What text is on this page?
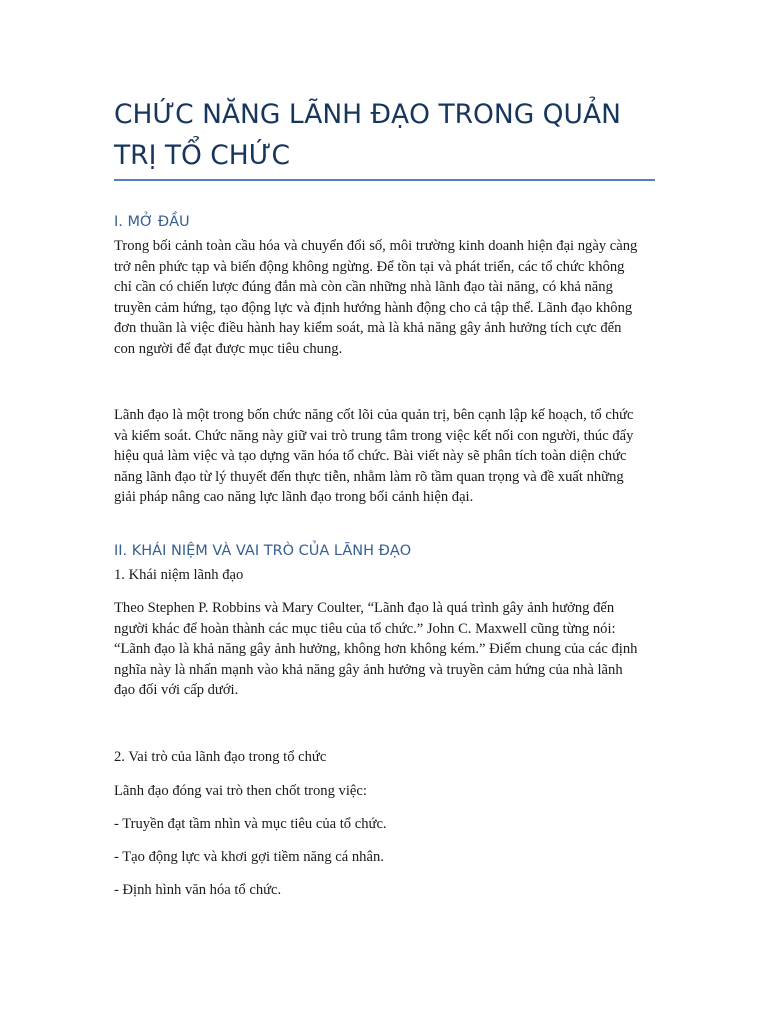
CHỨC NĂNG LÃNH ĐẠO TRONG QUẢN
TRỊ TỔ CHỨC
I. MỞ ĐẦU

Trong bối cảnh toàn cầu hóa và chuyển đổi số, môi trường kinh doanh hiện đại ngày càng
trở nên phức tạp và biến động không ngừng. Để tồn tại và phát triển, các tổ chức không
chỉ cần có chiến lược đúng đắn mà còn cần những nhà lãnh đạo tài năng, có khả năng
truyền cảm hứng, tạo động lực và định hướng hành động cho cả tập thể. Lãnh đạo không
đơn thuần là việc điều hành hay kiểm soát, mà là khả năng gây ảnh hưởng tích cực đến
con người để đạt được mục tiêu chung.

Lãnh đạo là một trong bốn chức năng cốt lõi của quản trị, bên cạnh lập kế hoạch, tổ chức
và kiểm soát. Chức năng này giữ vai trò trung tâm trong việc kết nối con người, thúc đẩy
hiệu quả làm việc và tạo dựng văn hóa tổ chức. Bài viết này sẽ phân tích toàn diện chức
năng lãnh đạo từ lý thuyết đến thực tiễn, nhằm làm rõ tầm quan trọng và đề xuất những
giải pháp nâng cao năng lực lãnh đạo trong bối cảnh hiện đại.

II. KHÁI NIỆM VÀ VAI TRÒ CỦA LÃNH ĐẠO

1. Khái niệm lãnh đạo

Theo Stephen P. Robbins và Mary Coulter, “Lãnh đạo là quá trình gây ảnh hưởng đến
người khác để hoàn thành các mục tiêu của tổ chức.” John C. Maxwell cũng từng nói:
“Lãnh đạo là khả năng gây ảnh hưởng, không hơn không kém.” Điểm chung của các định
nghĩa này là nhấn mạnh vào khả năng gây ảnh hưởng và truyền cảm hứng của nhà lãnh
đạo đối với cấp dưới.

2. Vai trò của lãnh đạo trong tổ chức

Lãnh đạo đóng vai trò then chốt trong việc:

- Truyền đạt tầm nhìn và mục tiêu của tổ chức.

- Tạo động lực và khơi gợi tiềm năng cá nhân.

- Định hình văn hóa tổ chức.
